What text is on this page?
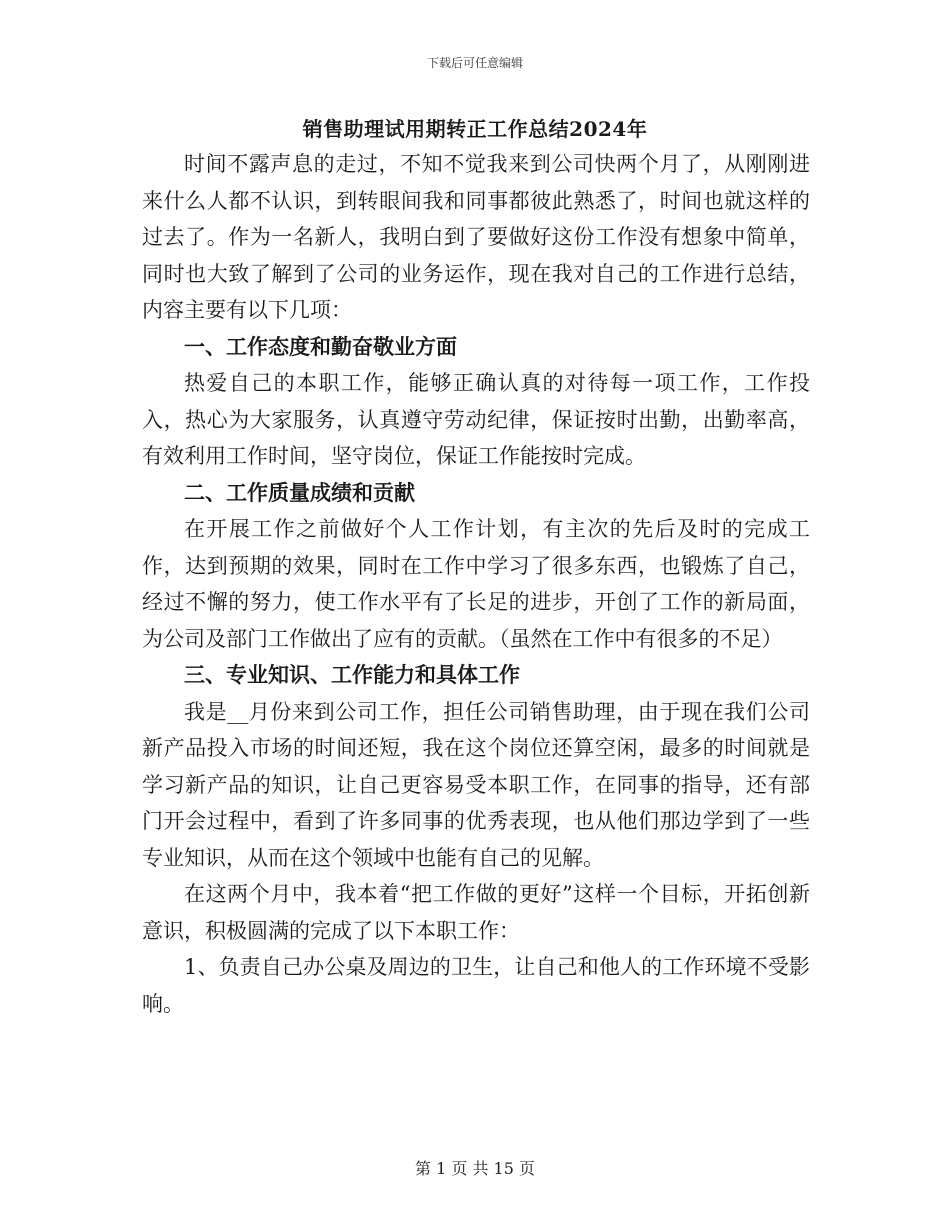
下载后可任意编辑
销售助理试用期转正工作总结2024年

时间不露声息的走过，不知不觉我来到公司快两个月了，从刚刚进来什么人都不认识，到转眼间我和同事都彼此熟悉了，时间也就这样的过去了。作为一名新人，我明白到了要做好这份工作没有想象中简单，同时也大致了解到了公司的业务运作，现在我对自己的工作进行总结，内容主要有以下几项：

一、工作态度和勤奋敬业方面

热爱自己的本职工作，能够正确认真的对待每一项工作，工作投入，热心为大家服务，认真遵守劳动纪律，保证按时出勤，出勤率高，有效利用工作时间，坚守岗位，保证工作能按时完成。

二、工作质量成绩和贡献

在开展工作之前做好个人工作计划，有主次的先后及时的完成工作，达到预期的效果，同时在工作中学习了很多东西，也锻炼了自己，经过不懈的努力，使工作水平有了长足的进步，开创了工作的新局面，为公司及部门工作做出了应有的贡献。（虽然在工作中有很多的不足）

三、专业知识、工作能力和具体工作

我是__月份来到公司工作，担任公司销售助理，由于现在我们公司新产品投入市场的时间还短，我在这个岗位还算空闲，最多的时间就是学习新产品的知识，让自己更容易受本职工作，在同事的指导，还有部门开会过程中，看到了许多同事的优秀表现，也从他们那边学到了一些专业知识，从而在这个领域中也能有自己的见解。

在这两个月中，我本着“把工作做的更好”这样一个目标，开拓创新意识，积极圆满的完成了以下本职工作：

1、负责自己办公桌及周边的卫生，让自己和他人的工作环境不受影响。

第 1 页 共 15 页
